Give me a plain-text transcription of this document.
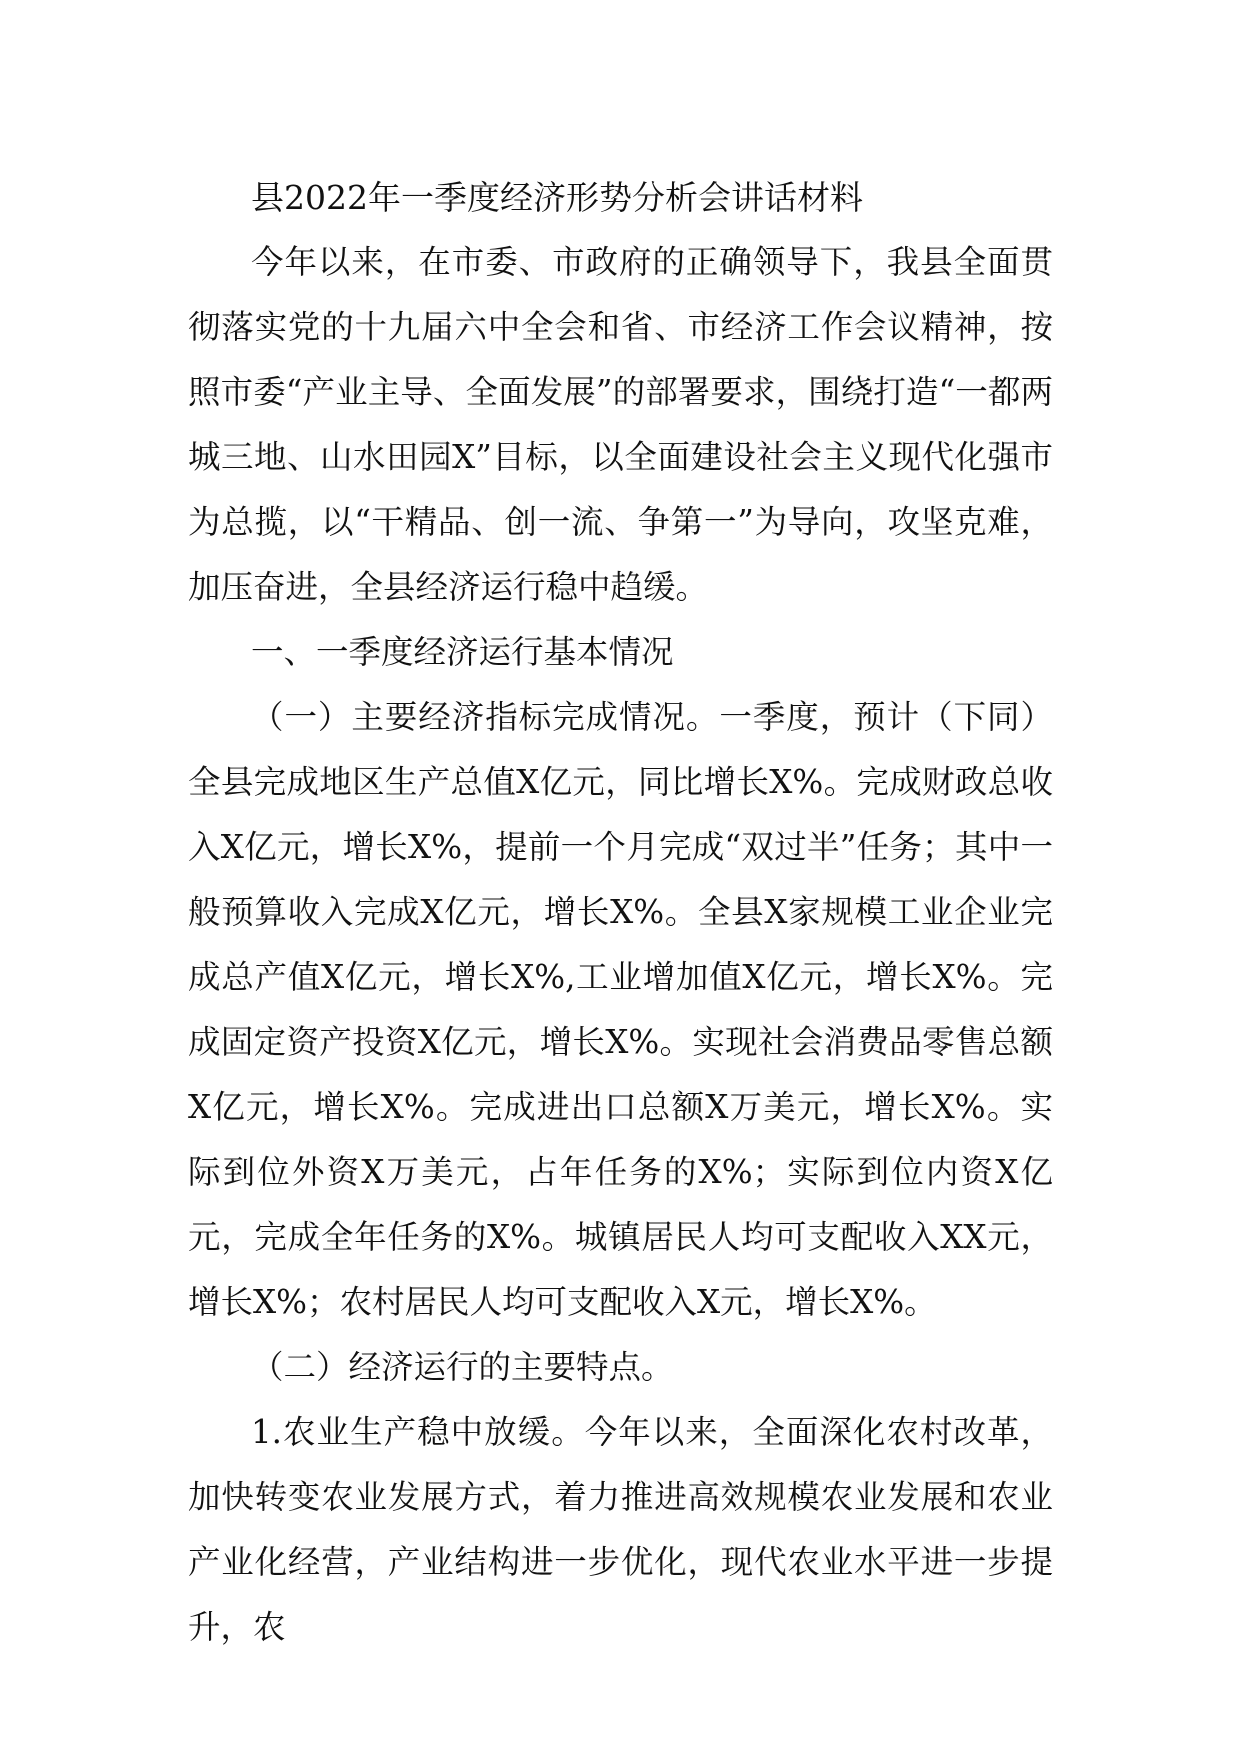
县2022年一季度经济形势分析会讲话材料

今年以来，在市委、市政府的正确领导下，我县全面贯彻落实党的十九届六中全会和省、市经济工作会议精神，按照市委“产业主导、全面发展”的部署要求，围绕打造“一都两城三地、山水田园X”目标，以全面建设社会主义现代化强市为总揽，以“干精品、创一流、争第一”为导向，攻坚克难，加压奋进，全县经济运行稳中趋缓。

一、一季度经济运行基本情况

（一）主要经济指标完成情况。一季度，预计（下同）全县完成地区生产总值X亿元，同比增长X%。完成财政总收入X亿元，增长X%，提前一个月完成“双过半”任务；其中一般预算收入完成X亿元，增长X%。全县X家规模工业企业完成总产值X亿元，增长X%,工业增加值X亿元，增长X%。完成固定资产投资X亿元，增长X%。实现社会消费品零售总额X亿元，增长X%。完成进出口总额X万美元，增长X%。实际到位外资X万美元，占年任务的X%；实际到位内资X亿元，完成全年任务的X%。城镇居民人均可支配收入XX元，增长X%；农村居民人均可支配收入X元，增长X%。

（二）经济运行的主要特点。

1.农业生产稳中放缓。今年以来，全面深化农村改革，加快转变农业发展方式，着力推进高效规模农业发展和农业产业化经营，产业结构进一步优化，现代农业水平进一步提升，农
